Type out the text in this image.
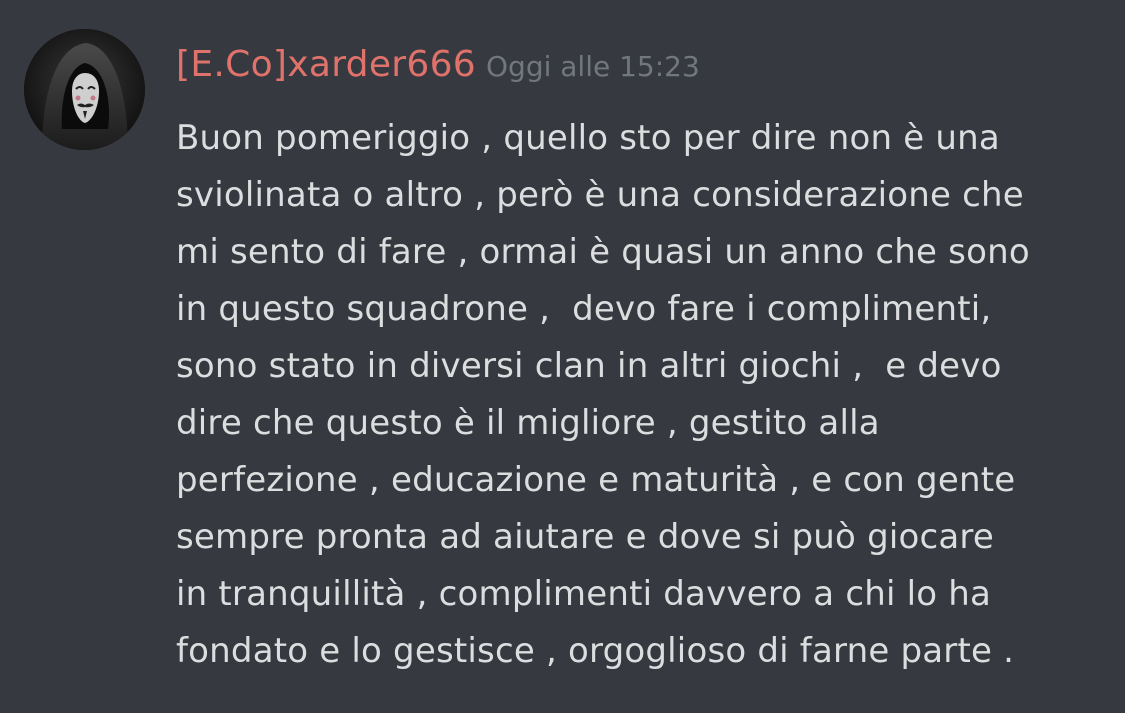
[E.Co]xarder666 Oggi alle 15:23
Buon pomeriggio , quello sto per dire non è una
sviolinata o altro , però è una considerazione che
mi sento di fare , ormai è quasi un anno che sono
in questo squadrone ,  devo fare i complimenti,
sono stato in diversi clan in altri giochi ,  e devo
dire che questo è il migliore , gestito alla
perfezione , educazione e maturità , e con gente
sempre pronta ad aiutare e dove si può giocare
in tranquillità , complimenti davvero a chi lo ha
fondato e lo gestisce , orgoglioso di farne parte .
